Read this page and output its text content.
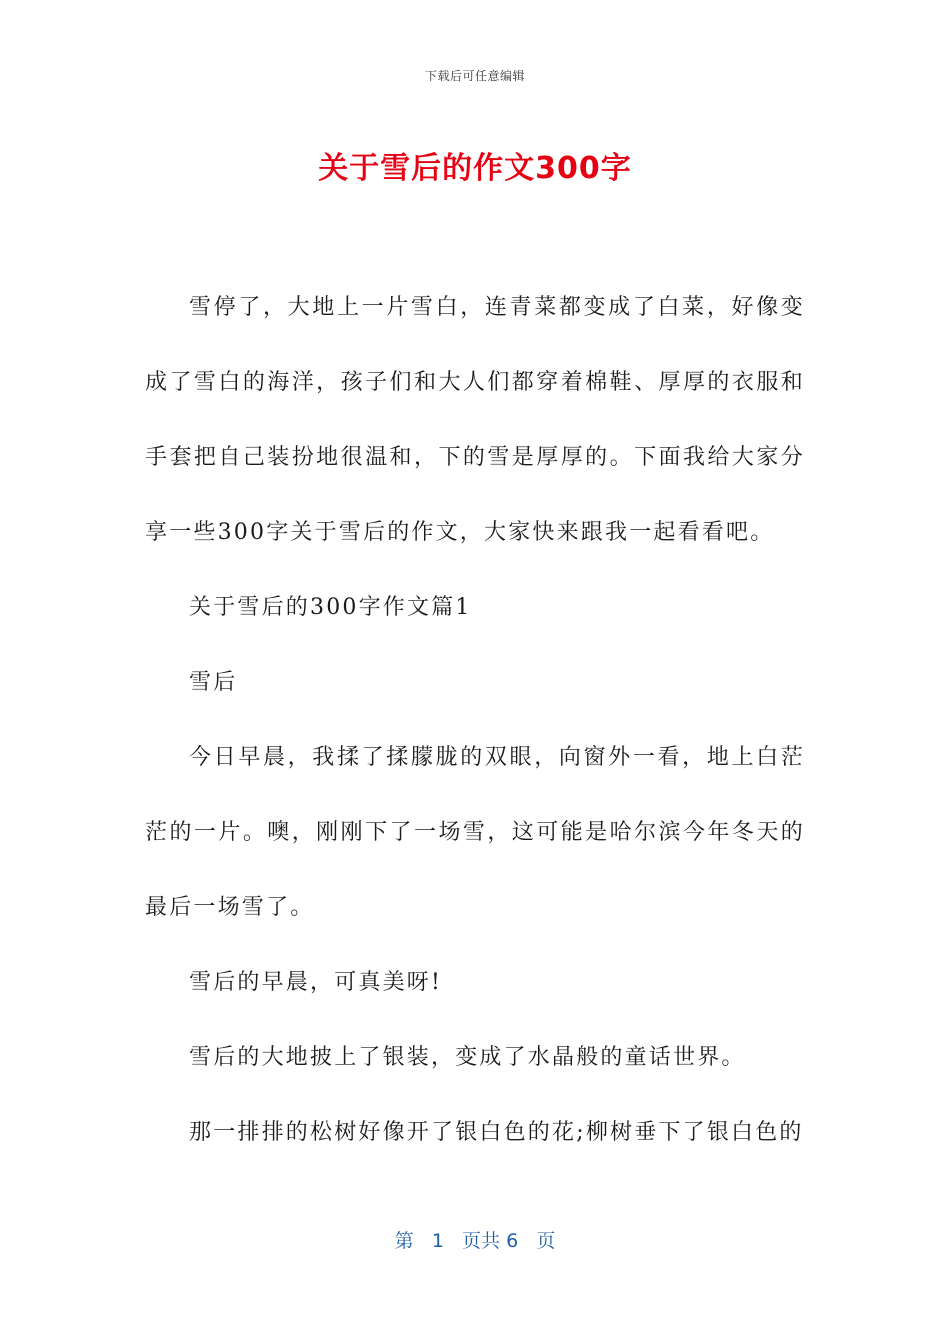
下载后可任意编辑
关于雪后的作文300字

雪停了，大地上一片雪白，连青菜都变成了白菜，好像变成了雪白的海洋，孩子们和大人们都穿着棉鞋、厚厚的衣服和手套把自己装扮地很温和，下的雪是厚厚的。下面我给大家分享一些300字关于雪后的作文，大家快来跟我一起看看吧。

关于雪后的300字作文篇1

雪后

今日早晨，我揉了揉朦胧的双眼，向窗外一看，地上白茫茫的一片。噢，刚刚下了一场雪，这可能是哈尔滨今年冬天的最后一场雪了。

雪后的早晨，可真美呀!

雪后的大地披上了银装，变成了水晶般的童话世界。

那一排排的松树好像开了银白色的花;柳树垂下了银白色的

第 1 页共 6 页
